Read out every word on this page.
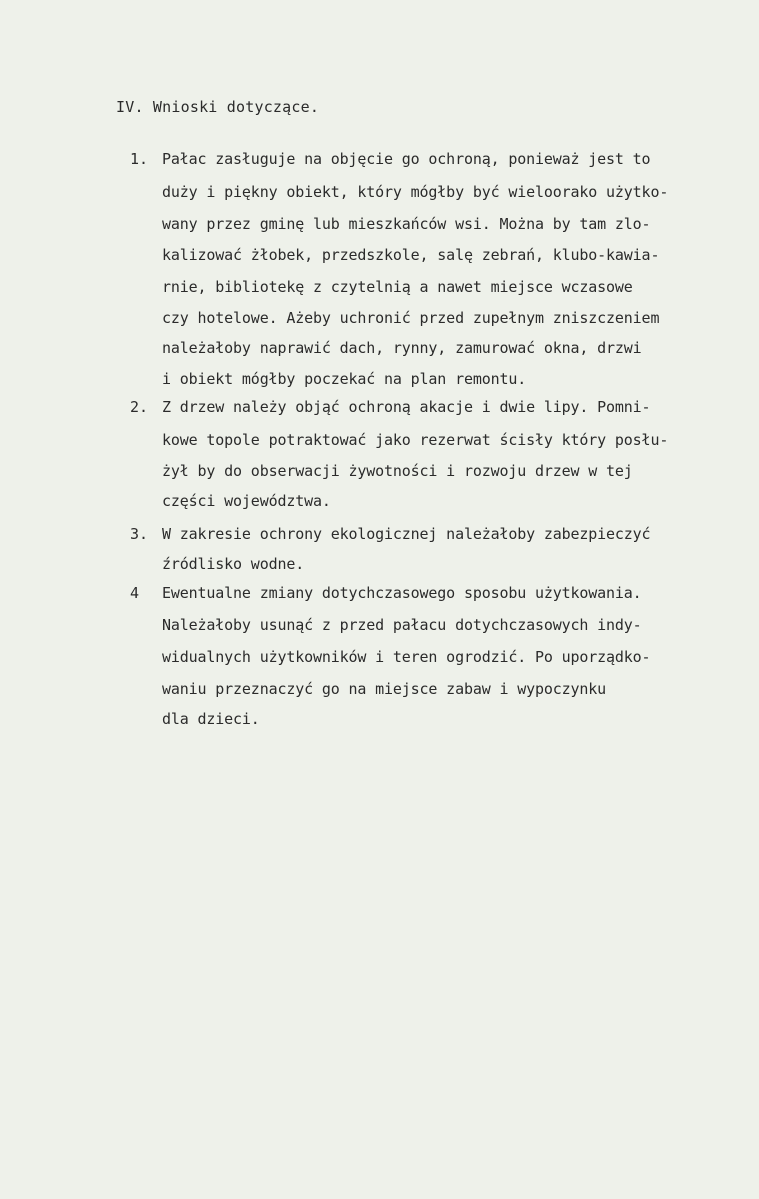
IV. Wnioski dotyczące.
1. Pałac zasługuje na objęcie go ochroną, ponieważ jest to
duży i piękny obiekt, który mógłby być wieloorako użytko-
wany przez gminę lub mieszkańców wsi. Można by tam zlo-
kalizować żłobek, przedszkole, salę zebrań, klubo-kawia-
rnie, bibliotekę z czytelnią a nawet miejsce wczasowe
czy hotelowe. Ażeby uchronić przed zupełnym zniszczeniem
należałoby naprawić dach, rynny, zamurować okna, drzwi
i obiekt mógłby poczekać na plan remontu.
2. Z drzew należy objąć ochroną akacje i dwie lipy. Pomni-
kowe topole potraktować jako rezerwat ścisły który posłu-
żył by do obserwacji żywotności i rozwoju drzew w tej
części województwa.
3. W zakresie ochrony ekologicznej należałoby zabezpieczyć
źródlisko wodne.
4 Ewentualne zmiany dotychczasowego sposobu użytkowania.
Należałoby usunąć z przed pałacu dotychczasowych indy-
widualnych użytkowników i teren ogrodzić. Po uporządko-
waniu przeznaczyć go na miejsce zabaw i wypoczynku
dla dzieci.
